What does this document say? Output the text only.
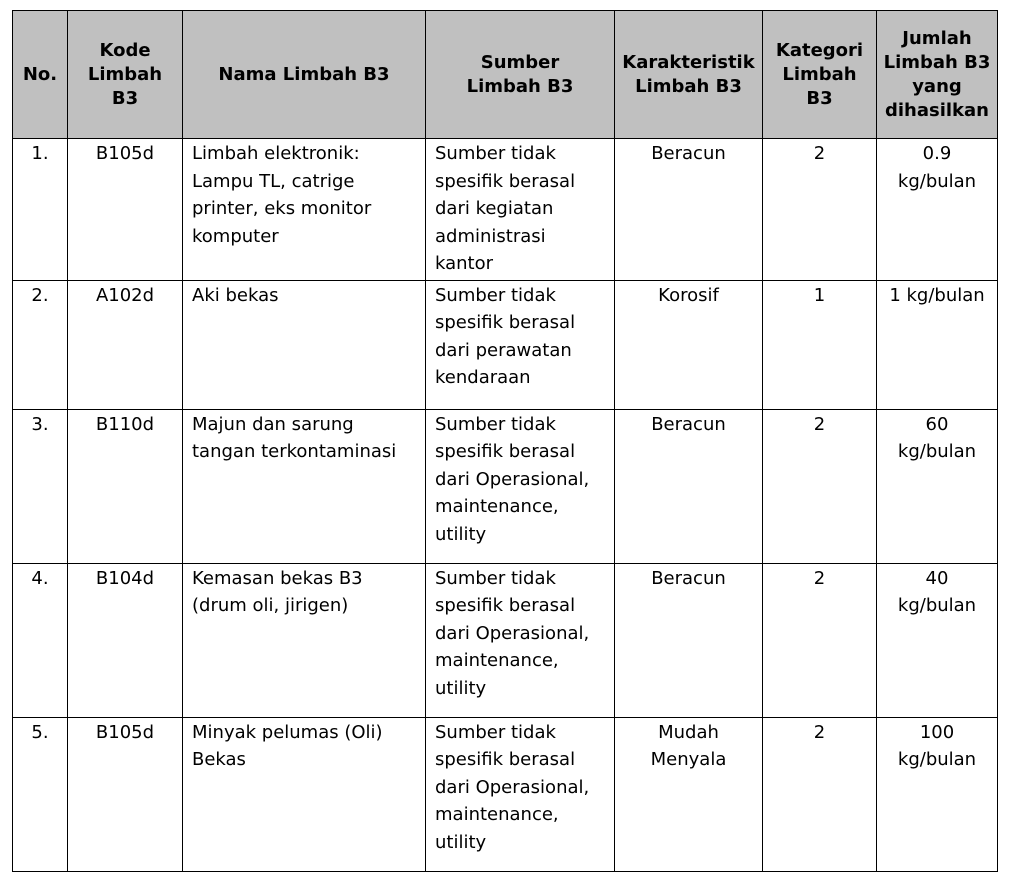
No.	Kode Limbah B3	Nama Limbah B3	Sumber Limbah B3	Karakteristik Limbah B3	Kategori Limbah B3	Jumlah Limbah B3 yang dihasilkan
1.	B105d	Limbah elektronik: Lampu TL, catrige printer, eks monitor komputer	Sumber tidak spesifik berasal dari kegiatan administrasi kantor	Beracun	2	0.9 kg/bulan
2.	A102d	Aki bekas	Sumber tidak spesifik berasal dari perawatan kendaraan	Korosif	1	1 kg/bulan
3.	B110d	Majun dan sarung tangan terkontaminasi	Sumber tidak spesifik berasal dari Operasional, maintenance, utility	Beracun	2	60 kg/bulan
4.	B104d	Kemasan bekas B3 (drum oli, jirigen)	Sumber tidak spesifik berasal dari Operasional, maintenance, utility	Beracun	2	40 kg/bulan
5.	B105d	Minyak pelumas (Oli) Bekas	Sumber tidak spesifik berasal dari Operasional, maintenance, utility	Mudah Menyala	2	100 kg/bulan
